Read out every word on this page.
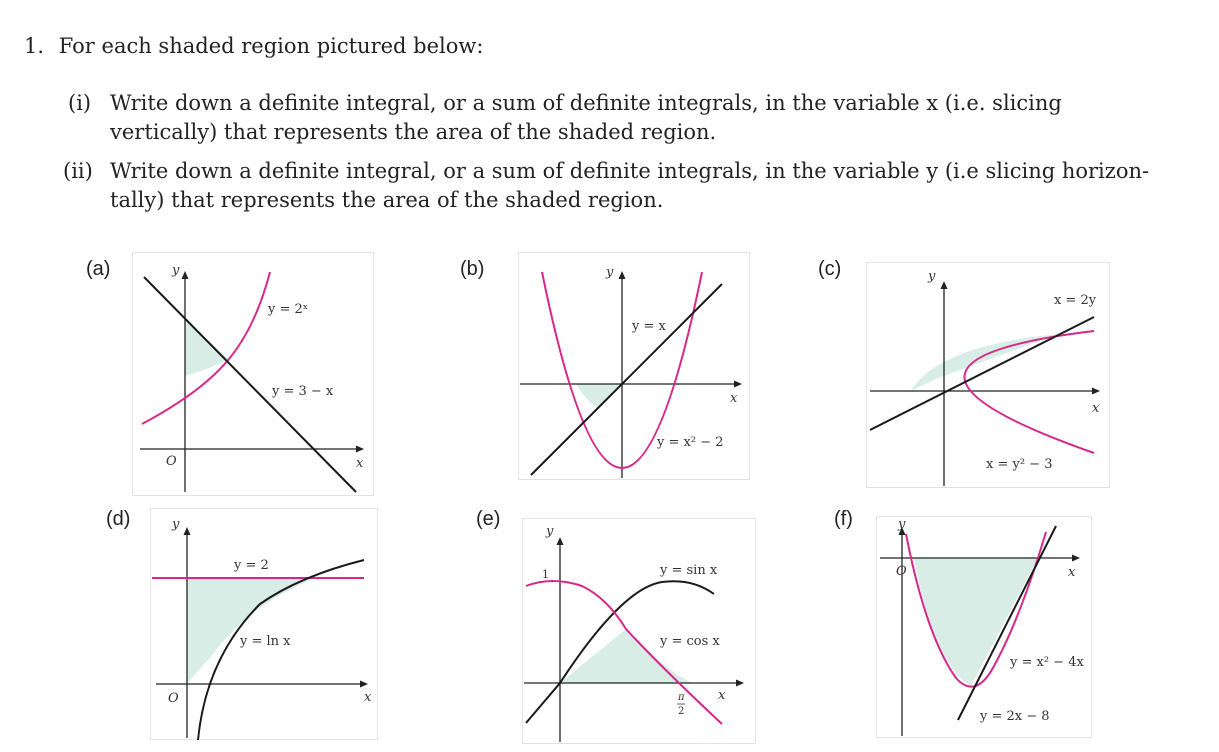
1. For each shaded region pictured below:
(i) Write down a definite integral, or a sum of definite integrals, in the variable x (i.e. slicing
vertically) that represents the area of the shaded region.
(ii) Write down a definite integral, or a sum of definite integrals, in the variable y (i.e slicing horizon-
tally) that represents the area of the shaded region.
(a)	y
x
O
y = 2ˣ
y = 3 − x
(b)	y
x
y = x
y = x² − 2
(c)	y
x
x = 2y
x = y² − 3
(d)	y
x
O
y = 2
y = ln x
(e)
y
x
1
π
2
y = sin x
y = cos x
(f)	y
x
O
y = x² − 4x
y = 2x − 8
